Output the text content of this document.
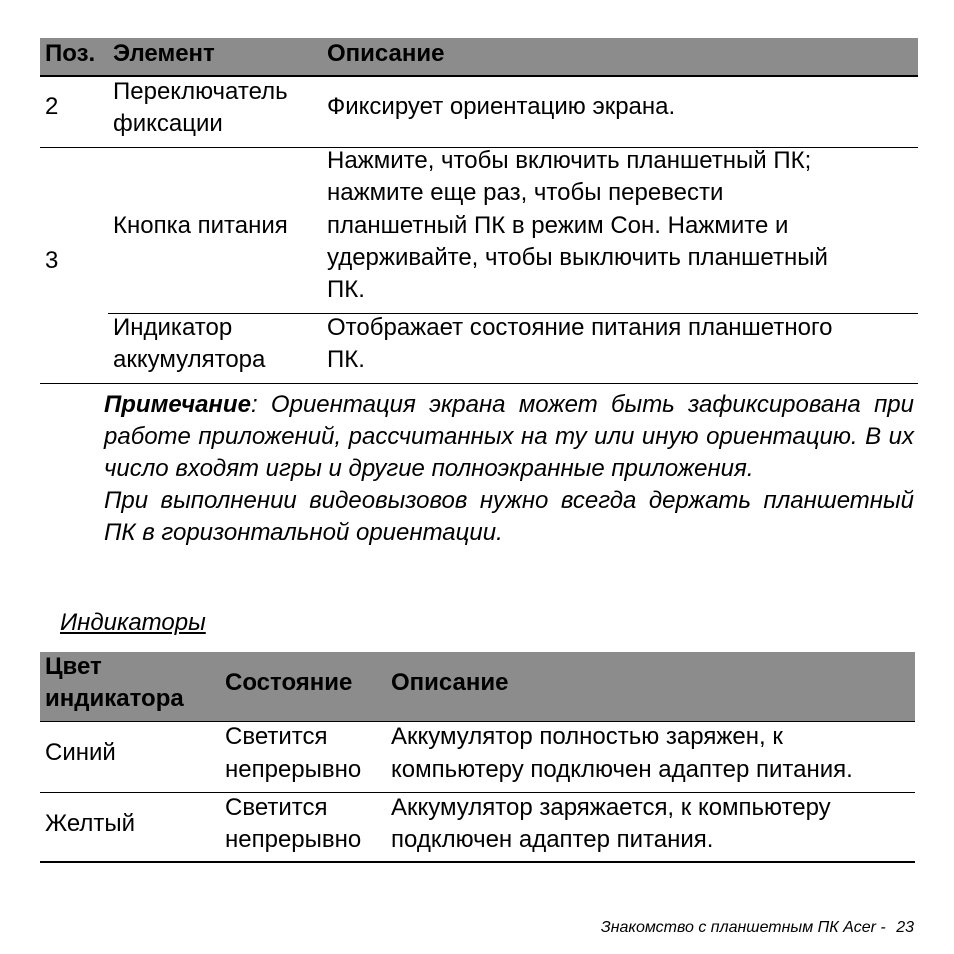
Поз. Элемент	Описание
2
Переключатель
фиксации
Фиксирует ориентацию экрана.
3
Кнопка питания
Нажмите, чтобы включить планшетный ПК;
нажмите еще раз, чтобы перевести
планшетный ПК в режим Сон. Нажмите и
удерживайте, чтобы выключить планшетный
ПК.
Индикатор
аккумулятора
Отображает состояние питания планшетного
ПК.
Примечание: Ориентация экрана может быть зафиксирована при работе приложений, рассчитанных на ту или иную ориентацию. В их число входят игры и другие полноэкранные приложения.
При выполнении видеовызовов нужно всегда держать планшетный ПК в горизонтальной ориентации.
Индикаторы
Цвет
индикатора
Состояние Описание
Синий
Светится
непрерывно
Аккумулятор полностью заряжен, к
компьютеру подключен адаптер питания.
Желтый
Светится
непрерывно
Аккумулятор заряжается, к компьютеру
подключен адаптер питания.
Знакомство с планшетным ПК Acer - 23
